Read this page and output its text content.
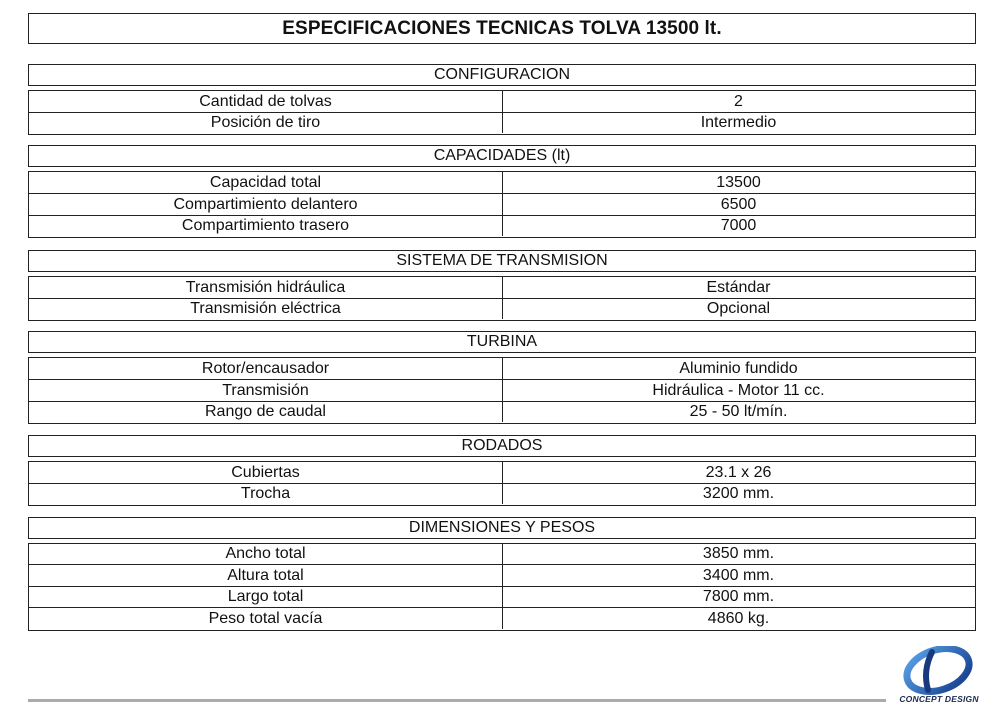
ESPECIFICACIONES TECNICAS TOLVA 13500 lt.
CONFIGURACION
Cantidad de tolvas	2
Posición de tiro	Intermedio
CAPACIDADES (lt)
Capacidad total	13500
Compartimiento delantero	6500
Compartimiento trasero	7000
SISTEMA DE TRANSMISION
Transmisión hidráulica	Estándar
Transmisión eléctrica	Opcional
TURBINA
Rotor/encausador	Aluminio fundido
Transmisión	Hidráulica - Motor 11 cc.
Rango de caudal	25 - 50 lt/mín.
RODADOS
Cubiertas	23.1 x 26
Trocha	3200 mm.
DIMENSIONES Y PESOS
Ancho total	3850 mm.
Altura total	3400 mm.
Largo total	7800 mm.
Peso total vacía	4860 kg.
CONCEPT DESIGN
